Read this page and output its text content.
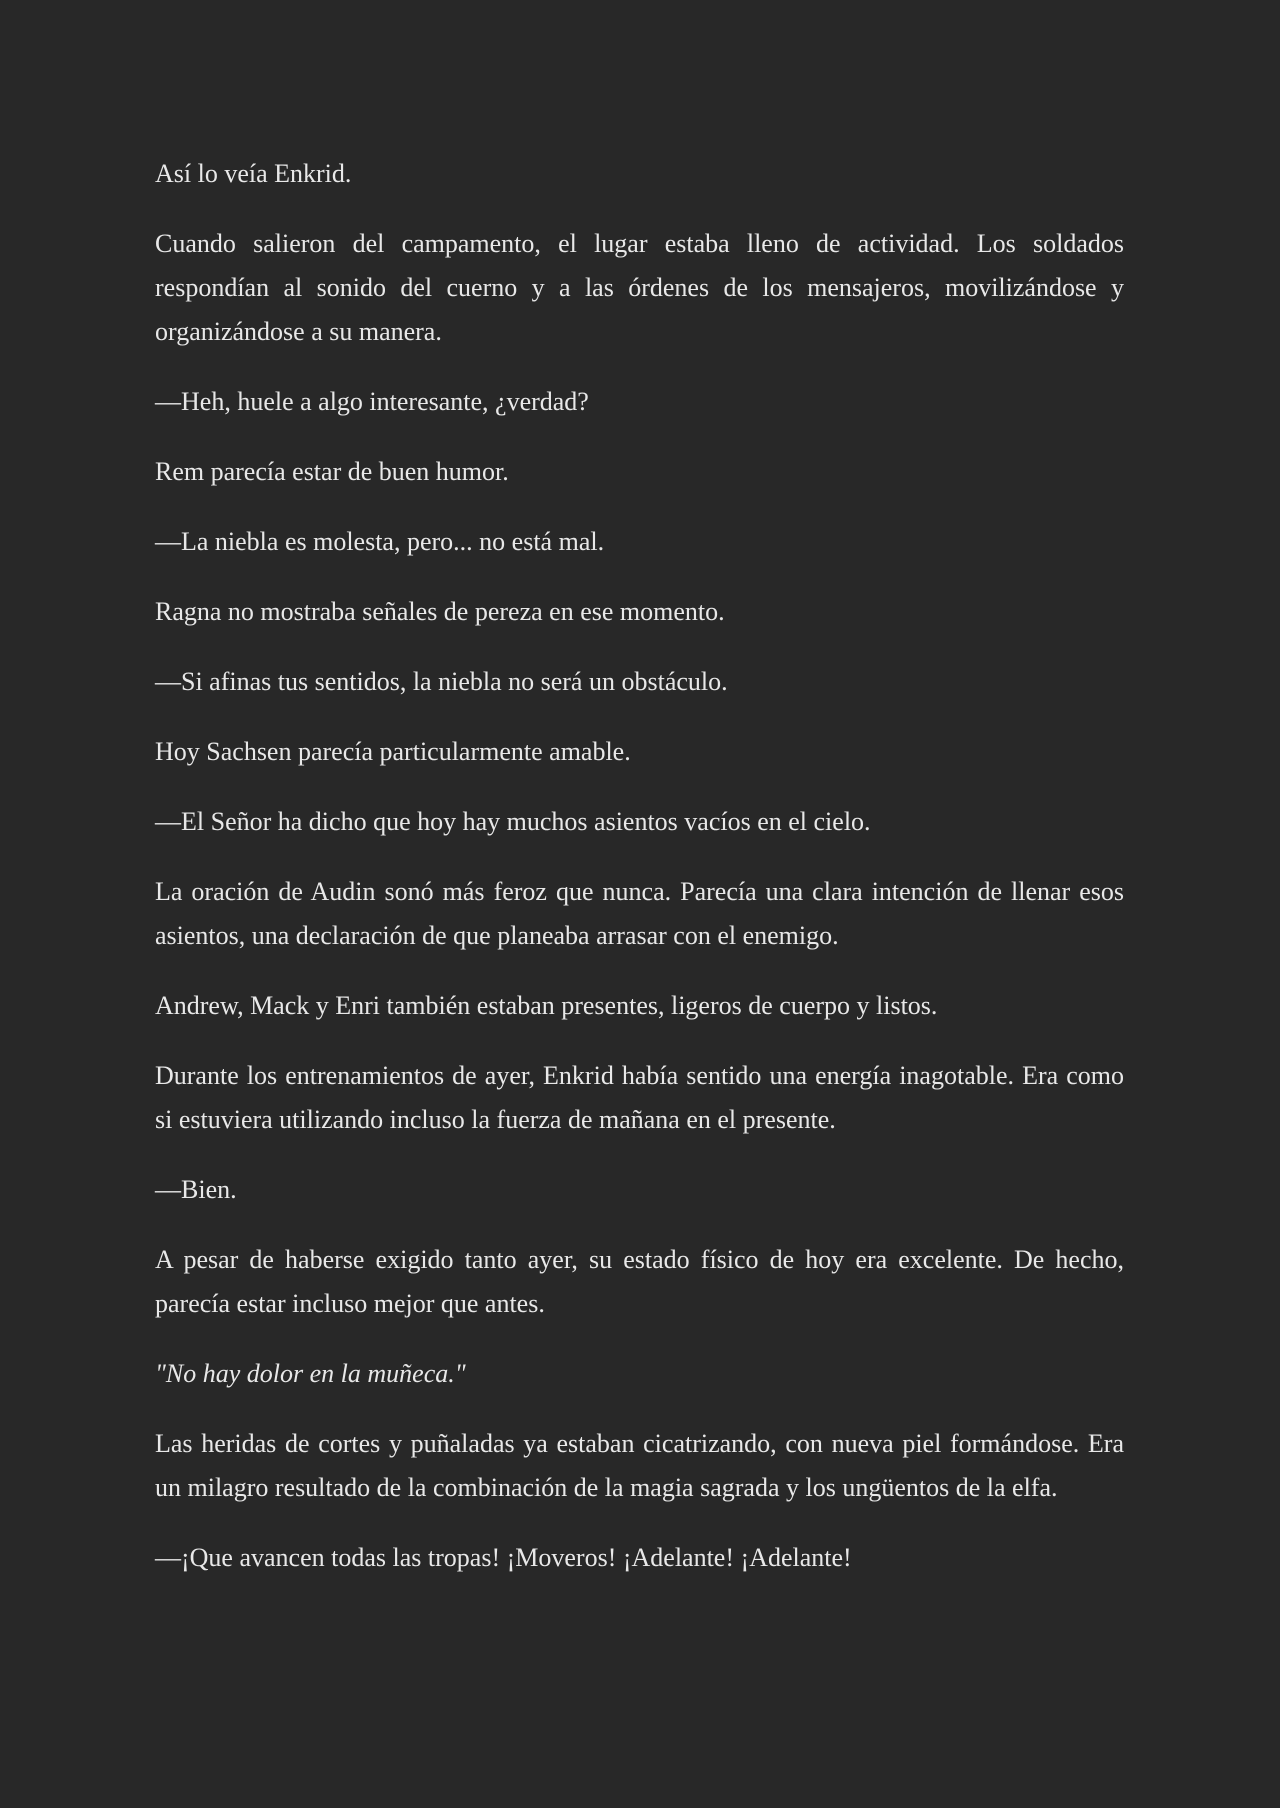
Así lo veía Enkrid.

Cuando salieron del campamento, el lugar estaba lleno de actividad. Los soldados respondían al sonido del cuerno y a las órdenes de los mensajeros, movilizándose y organizándose a su manera.

—Heh, huele a algo interesante, ¿verdad?

Rem parecía estar de buen humor.

—La niebla es molesta, pero... no está mal.

Ragna no mostraba señales de pereza en ese momento.

—Si afinas tus sentidos, la niebla no será un obstáculo.

Hoy Sachsen parecía particularmente amable.

—El Señor ha dicho que hoy hay muchos asientos vacíos en el cielo.

La oración de Audin sonó más feroz que nunca. Parecía una clara intención de llenar esos asientos, una declaración de que planeaba arrasar con el enemigo.

Andrew, Mack y Enri también estaban presentes, ligeros de cuerpo y listos.

Durante los entrenamientos de ayer, Enkrid había sentido una energía inagotable. Era como si estuviera utilizando incluso la fuerza de mañana en el presente.

—Bien.

A pesar de haberse exigido tanto ayer, su estado físico de hoy era excelente. De hecho, parecía estar incluso mejor que antes.

"No hay dolor en la muñeca."

Las heridas de cortes y puñaladas ya estaban cicatrizando, con nueva piel formándose. Era un milagro resultado de la combinación de la magia sagrada y los ungüentos de la elfa.

—¡Que avancen todas las tropas! ¡Moveros! ¡Adelante! ¡Adelante!
